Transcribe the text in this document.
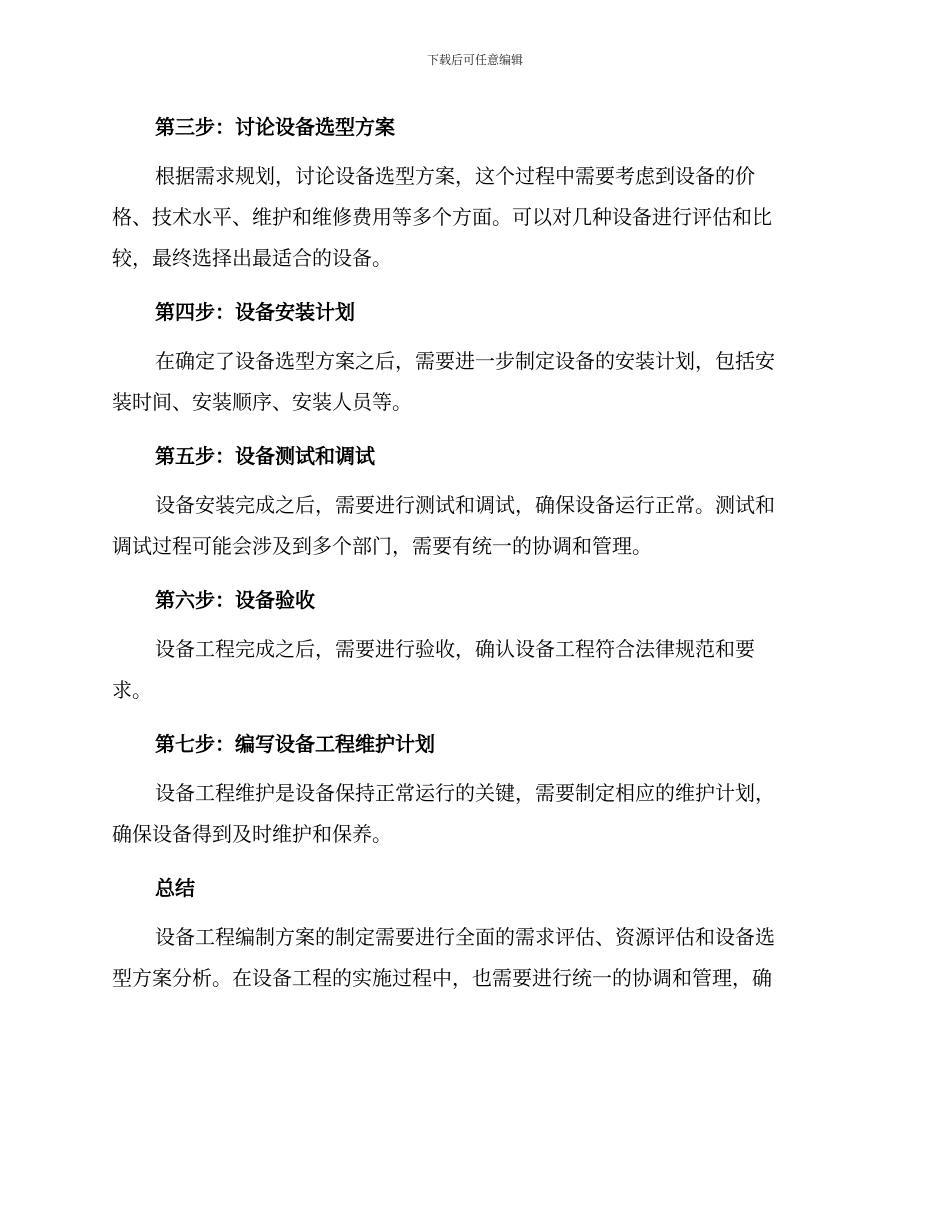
下载后可任意编辑
第三步：讨论设备选型方案
根据需求规划，讨论设备选型方案，这个过程中需要考虑到设备的价
格、技术水平、维护和维修费用等多个方面。可以对几种设备进行评估和比
较，最终选择出最适合的设备。
第四步：设备安装计划
在确定了设备选型方案之后，需要进一步制定设备的安装计划，包括安
装时间、安装顺序、安装人员等。
第五步：设备测试和调试
设备安装完成之后，需要进行测试和调试，确保设备运行正常。测试和
调试过程可能会涉及到多个部门，需要有统一的协调和管理。
第六步：设备验收
设备工程完成之后，需要进行验收，确认设备工程符合法律规范和要
求。
第七步：编写设备工程维护计划
设备工程维护是设备保持正常运行的关键，需要制定相应的维护计划，
确保设备得到及时维护和保养。
总结
设备工程编制方案的制定需要进行全面的需求评估、资源评估和设备选
型方案分析。在设备工程的实施过程中，也需要进行统一的协调和管理，确
